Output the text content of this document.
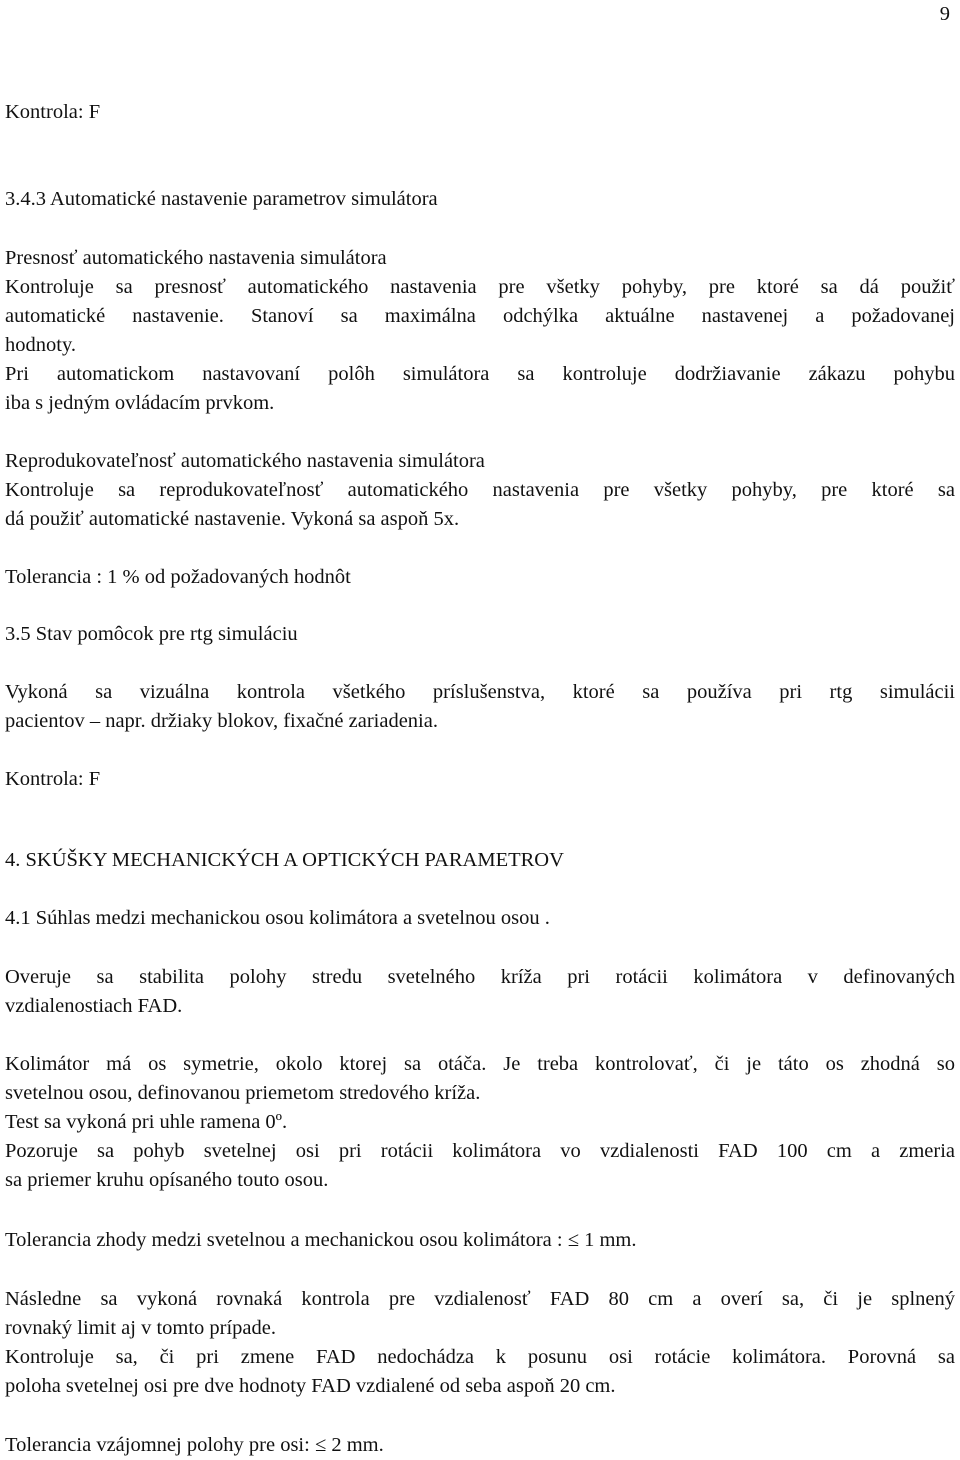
9
Kontrola: F
3.4.3 Automatické nastavenie parametrov simulátora
Presnosť automatického nastavenia simulátora
Kontroluje sa presnosť automatického nastavenia pre všetky pohyby, pre ktoré sa dá použiť
automatické nastavenie. Stanoví sa maximálna odchýlka aktuálne nastavenej a požadovanej
hodnoty.
Pri automatickom nastavovaní polôh simulátora sa kontroluje dodržiavanie zákazu pohybu
iba s jedným ovládacím prvkom.
Reprodukovateľnosť automatického nastavenia simulátora
Kontroluje sa reprodukovateľnosť automatického nastavenia pre všetky pohyby, pre ktoré sa
dá použiť automatické nastavenie. Vykoná sa aspoň 5x.
Tolerancia : 1 % od požadovaných hodnôt
3.5 Stav pomôcok pre rtg simuláciu
Vykoná sa vizuálna kontrola všetkého príslušenstva, ktoré sa používa pri rtg simulácii
pacientov – napr. držiaky blokov, fixačné zariadenia.
Kontrola: F
4. SKÚŠKY MECHANICKÝCH A OPTICKÝCH PARAMETROV
4.1 Súhlas medzi mechanickou osou kolimátora a svetelnou osou .
Overuje sa stabilita polohy stredu svetelného kríža pri rotácii kolimátora v definovaných
vzdialenostiach FAD.
Kolimátor má os symetrie, okolo ktorej sa otáča. Je treba kontrolovať, či je táto os zhodná so
svetelnou osou, definovanou priemetom stredového kríža.
Test sa vykoná pri uhle ramena 0º.
Pozoruje sa pohyb svetelnej osi pri rotácii kolimátora vo vzdialenosti FAD 100 cm a zmeria
sa priemer kruhu opísaného touto osou.
Tolerancia zhody medzi svetelnou a mechanickou osou kolimátora : ≤ 1 mm.
Následne sa vykoná rovnaká kontrola pre vzdialenosť FAD 80 cm a overí sa, či je splnený
rovnaký limit aj v tomto prípade.
Kontroluje sa, či pri zmene FAD nedochádza k posunu osi rotácie kolimátora. Porovná sa
poloha svetelnej osi pre dve hodnoty FAD vzdialené od seba aspoň 20 cm.
Tolerancia vzájomnej polohy pre osi: ≤ 2 mm.
